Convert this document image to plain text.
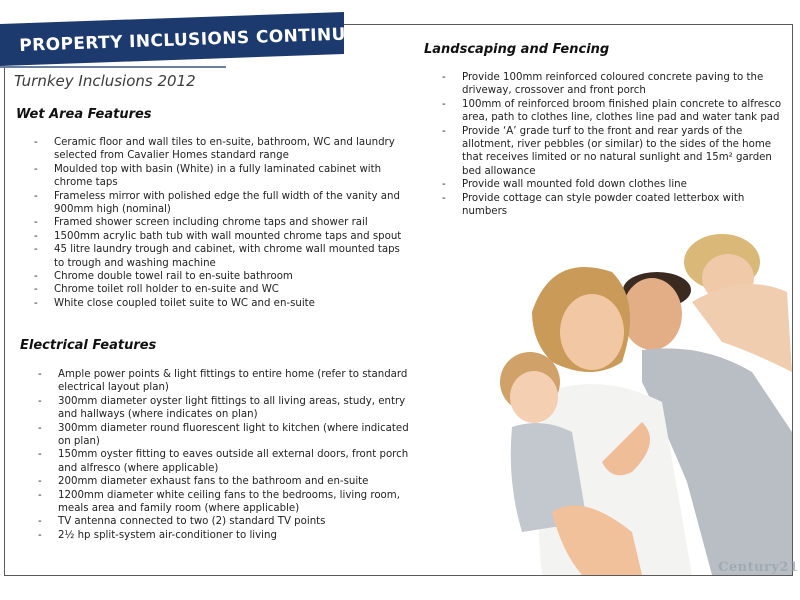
PROPERTY INCLUSIONS CONTINUED
Turnkey Inclusions 2012
Wet Area Features
- Ceramic floor and wall tiles to en-suite, bathroom, WC and laundry selected from Cavalier Homes standard range
- Moulded top with basin (White) in a fully laminated cabinet with chrome taps
- Frameless mirror with polished edge the full width of the vanity and 900mm high (nominal)
- Framed shower screen including chrome taps and shower rail
- 1500mm acrylic bath tub with wall mounted chrome taps and spout
- 45 litre laundry trough and cabinet, with chrome wall mounted taps to trough and washing machine
- Chrome double towel rail to en-suite bathroom
- Chrome toilet roll holder to en-suite and WC
- White close coupled toilet suite to WC and en-suite
Electrical Features
- Ample power points & light fittings to entire home (refer to standard electrical layout plan)
- 300mm diameter oyster light fittings to all living areas, study, entry and hallways (where indicates on plan)
- 300mm diameter round fluorescent light to kitchen (where indicated on plan)
- 150mm oyster fitting to eaves outside all external doors, front porch and alfresco (where applicable)
- 200mm diameter exhaust fans to the bathroom and en-suite
- 1200mm diameter white ceiling fans to the bedrooms, living room, meals area and family room (where applicable)
- TV antenna connected to two (2) standard TV points
- 2½ hp split-system air-conditioner to living
Landscaping and Fencing
- Provide 100mm reinforced coloured concrete paving to the driveway, crossover and front porch
- 100mm of reinforced broom finished plain concrete to alfresco area, path to clothes line, clothes line pad and water tank pad
- Provide ‘A’ grade turf to the front and rear yards of the allotment, river pebbles (or similar) to the sides of the home that receives limited or no natural sunlight and 15m² garden bed allowance
- Provide wall mounted fold down clothes line
- Provide cottage can style powder coated letterbox with numbers
Century21
